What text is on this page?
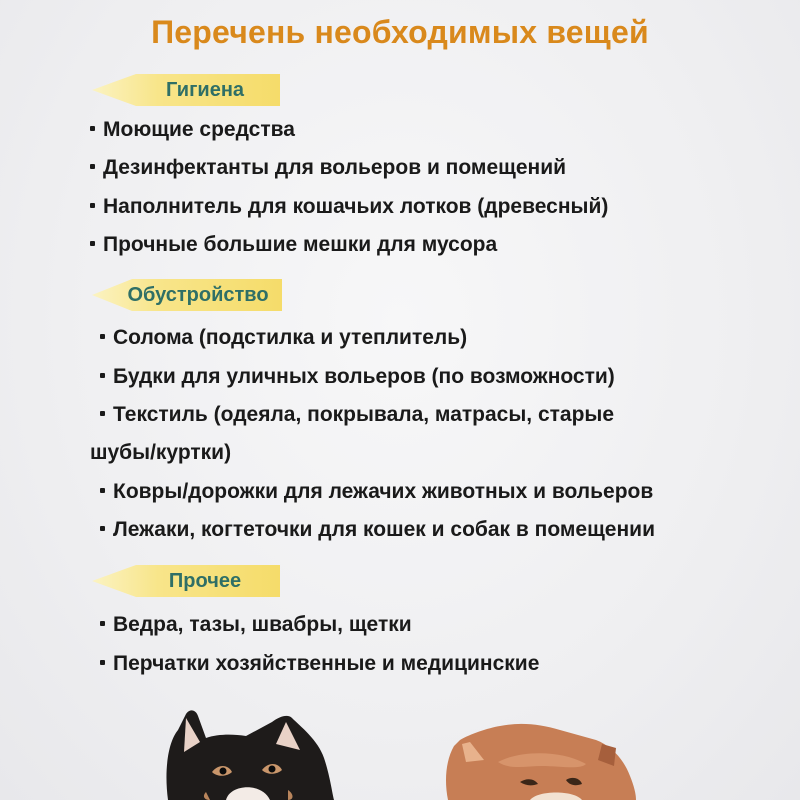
Перечень необходимых вещей
Гигиена
Моющие средства
Дезинфектанты для вольеров и помещений
Наполнитель для кошачьих лотков (древесный)
Прочные большие мешки для мусора
Обустройство
Солома (подстилка и утеплитель)
Будки для уличных вольеров (по возможности)
Текстиль (одеяла, покрывала, матрасы, старые
шубы/куртки)
Ковры/дорожки для лежачих животных и вольеров
Лежаки, когтеточки для кошек и собак в помещении
Прочее
Ведра, тазы, швабры, щетки
Перчатки хозяйственные и медицинские
